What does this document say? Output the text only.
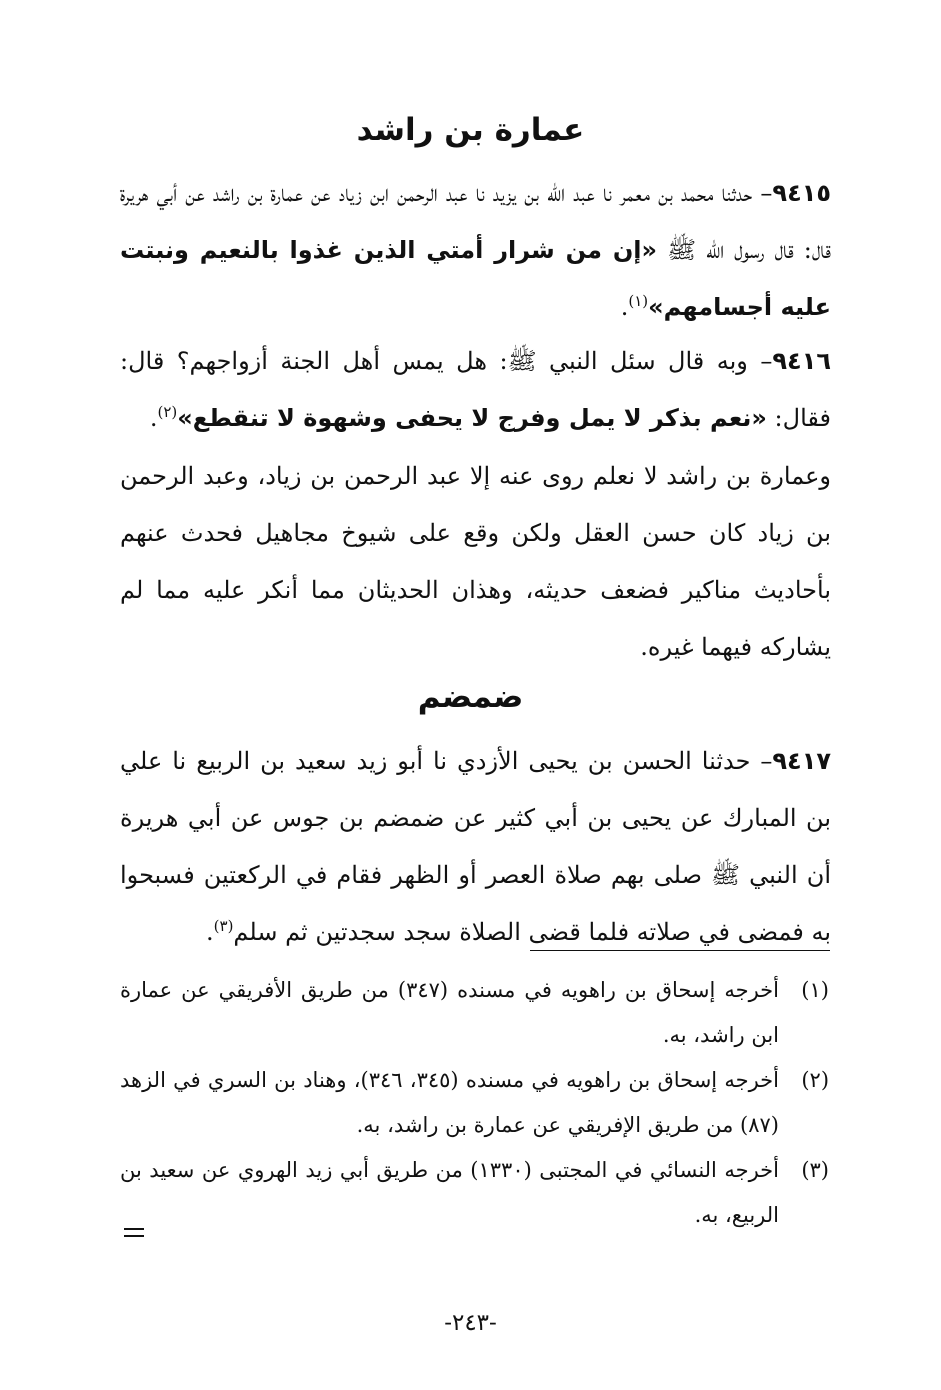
عمارة بن راشد

٩٤١٥– حدثنا محمد بن معمر نا عبد الله بن يزيد نا عبد الرحمن ابن زياد عن عمارة بن راشد عن أبي هريرة قال: قال رسول الله ﷺ «إن من شرار أمتي الذين غذوا بالنعيم ونبتت عليه أجسامهم»$^{(١)}$.

٩٤١٦– وبه قال سئل النبي ﷺ: هل يمس أهل الجنة أزواجهم؟ قال: فقال: «نعم بذكر لا يمل وفرج لا يحفى وشهوة لا تنقطع»$^{(٢)}$.

وعمارة بن راشد لا نعلم روى عنه إلا عبد الرحمن بن زياد، وعبد الرحمن بن زياد كان حسن العقل ولكن وقع على شيوخ مجاهيل فحدث عنهم بأحاديث مناكير فضعف حديثه، وهذان الحديثان مما أنكر عليه مما لم يشاركه فيهما غيره.

ضمضم

٩٤١٧– حدثنا الحسن بن يحيى الأزدي نا أبو زيد سعيد بن الربيع نا علي بن المبارك عن يحيى بن أبي كثير عن ضمضم بن جوس عن أبي هريرة أن النبي ﷺ صلى بهم صلاة العصر أو الظهر فقام في الركعتين فسبحوا به فمضى في صلاته فلما قضى الصلاة سجد سجدتين ثم سلم$^{(٣)}$.

(١)أخرجه إسحاق بن راهويه في مسنده (٣٤٧) من طريق الأفريقي عن عمارة ابن راشد، به.
(٢)أخرجه إسحاق بن راهويه في مسنده (٣٤٥، ٣٤٦)، وهناد بن السري في الزهد (٨٧) من طريق الإفريقي عن عمارة بن راشد، به.
(٣)أخرجه النسائي في المجتبى (١٣٣٠) من طريق أبي زيد الهروي عن سعيد بن الربيع، به.

-٢٤٣-
